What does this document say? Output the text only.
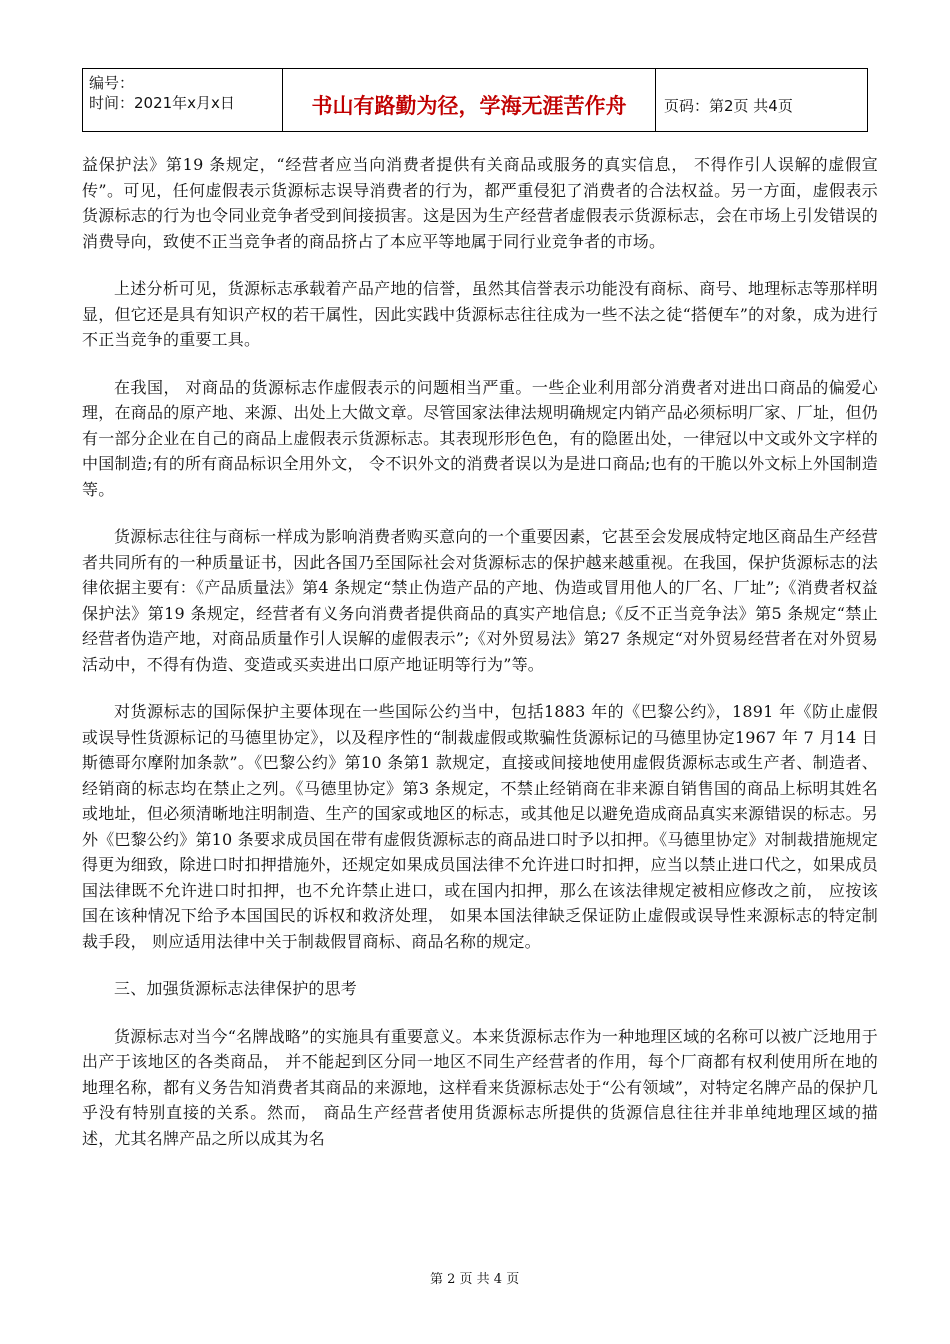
编号：
时间：2021年x月x日	书山有路勤为径，学海无涯苦作舟	页码：第2页 共4页

益保护法》第19 条规定，“经营者应当向消费者提供有关商品或服务的真实信息， 不得作引人误解的虚假宣传”。可见，任何虚假表示货源标志误导消费者的行为，都严重侵犯了消费者的合法权益。另一方面，虚假表示货源标志的行为也令同业竞争者受到间接损害。这是因为生产经营者虚假表示货源标志，会在市场上引发错误的消费导向，致使不正当竞争者的商品挤占了本应平等地属于同行业竞争者的市场。

上述分析可见，货源标志承载着产品产地的信誉，虽然其信誉表示功能没有商标、商号、地理标志等那样明显，但它还是具有知识产权的若干属性，因此实践中货源标志往往成为一些不法之徒“搭便车”的对象，成为进行不正当竞争的重要工具。

在我国， 对商品的货源标志作虚假表示的问题相当严重。一些企业利用部分消费者对进出口商品的偏爱心理，在商品的原产地、来源、出处上大做文章。尽管国家法律法规明确规定内销产品必须标明厂家、厂址，但仍有一部分企业在自己的商品上虚假表示货源标志。其表现形形色色，有的隐匿出处，一律冠以中文或外文字样的中国制造;有的所有商品标识全用外文， 令不识外文的消费者误以为是进口商品;也有的干脆以外文标上外国制造等。

货源标志往往与商标一样成为影响消费者购买意向的一个重要因素，它甚至会发展成特定地区商品生产经营者共同所有的一种质量证书，因此各国乃至国际社会对货源标志的保护越来越重视。在我国，保护货源标志的法律依据主要有：《产品质量法》第4 条规定“禁止伪造产品的产地、伪造或冒用他人的厂名、厂址”;《消费者权益保护法》第19 条规定，经营者有义务向消费者提供商品的真实产地信息;《反不正当竞争法》第5 条规定“禁止经营者伪造产地，对商品质量作引人误解的虚假表示”;《对外贸易法》第27 条规定“对外贸易经营者在对外贸易活动中，不得有伪造、变造或买卖进出口原产地证明等行为”等。

对货源标志的国际保护主要体现在一些国际公约当中，包括1883 年的《巴黎公约》，1891 年《防止虚假或误导性货源标记的马德里协定》，以及程序性的“制裁虚假或欺骗性货源标记的马德里协定1967 年 7 月14 日斯德哥尔摩附加条款”。《巴黎公约》第10 条第1 款规定，直接或间接地使用虚假货源标志或生产者、制造者、经销商的标志均在禁止之列。《马德里协定》第3 条规定，不禁止经销商在非来源自销售国的商品上标明其姓名或地址，但必须清晰地注明制造、生产的国家或地区的标志，或其他足以避免造成商品真实来源错误的标志。另外《巴黎公约》第10 条要求成员国在带有虚假货源标志的商品进口时予以扣押。《马德里协定》对制裁措施规定得更为细致，除进口时扣押措施外，还规定如果成员国法律不允许进口时扣押，应当以禁止进口代之，如果成员国法律既不允许进口时扣押，也不允许禁止进口，或在国内扣押，那么在该法律规定被相应修改之前， 应按该国在该种情况下给予本国国民的诉权和救济处理， 如果本国法律缺乏保证防止虚假或误导性来源标志的特定制裁手段， 则应适用法律中关于制裁假冒商标、商品名称的规定。

三、加强货源标志法律保护的思考

货源标志对当今“名牌战略”的实施具有重要意义。本来货源标志作为一种地理区域的名称可以被广泛地用于出产于该地区的各类商品， 并不能起到区分同一地区不同生产经营者的作用，每个厂商都有权利使用所在地的地理名称，都有义务告知消费者其商品的来源地，这样看来货源标志处于“公有领域”，对特定名牌产品的保护几乎没有特别直接的关系。然而， 商品生产经营者使用货源标志所提供的货源信息往往并非单纯地理区域的描述，尤其名牌产品之所以成其为名

第 2 页 共 4 页
